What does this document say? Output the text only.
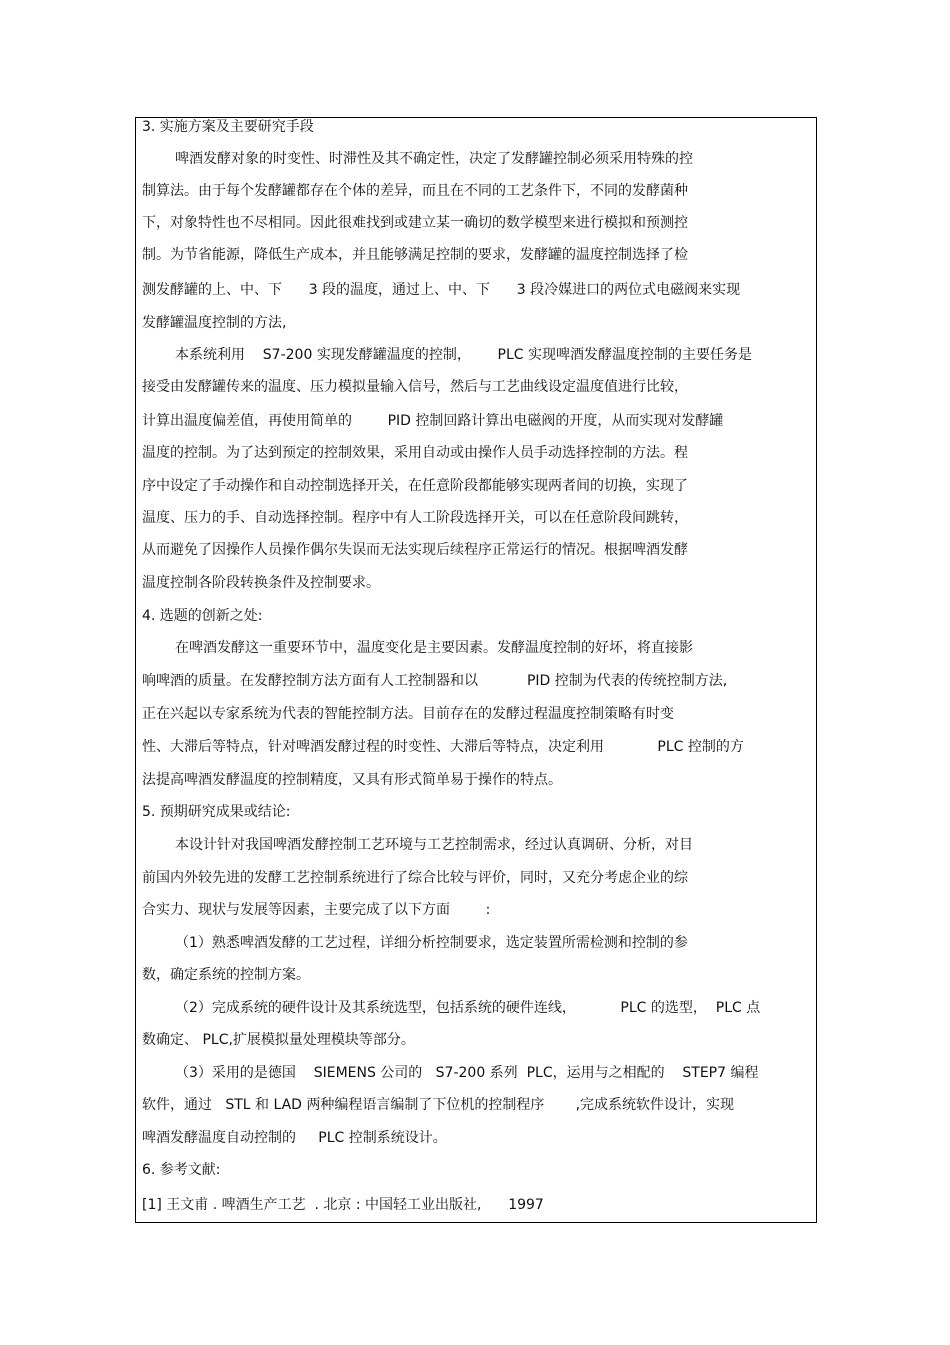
3. 实施方案及主要研究手段
啤酒发酵对象的时变性、时滞性及其不确定性，决定了发酵罐控制必须采用特殊的控
制算法。由于每个发酵罐都存在个体的差异，而且在不同的工艺条件下，不同的发酵菌种
下，对象特性也不尽相同。因此很难找到或建立某一确切的数学模型来进行模拟和预测控
制。为节省能源，降低生产成本，并且能够满足控制的要求，发酵罐的温度控制选择了检
测发酵罐的上、中、下      3 段的温度，通过上、中、下      3 段冷媒进口的两位式电磁阀来实现
发酵罐温度控制的方法,
本系统利用    S7-200 实现发酵罐温度的控制，      PLC 实现啤酒发酵温度控制的主要任务是
接受由发酵罐传来的温度、压力模拟量输入信号，然后与工艺曲线设定温度值进行比较，
计算出温度偏差值，再使用简单的        PID 控制回路计算出电磁阀的开度，从而实现对发酵罐
温度的控制。为了达到预定的控制效果，采用自动或由操作人员手动选择控制的方法。程
序中设定了手动操作和自动控制选择开关，在任意阶段都能够实现两者间的切换，实现了
温度、压力的手、自动选择控制。程序中有人工阶段选择开关，可以在任意阶段间跳转，
从而避免了因操作人员操作偶尔失误而无法实现后续程序正常运行的情况。根据啤酒发酵
温度控制各阶段转换条件及控制要求。
4. 选题的创新之处:
在啤酒发酵这一重要环节中，温度变化是主要因素。发酵温度控制的好坏，将直接影
响啤酒的质量。在发酵控制方法方面有人工控制器和以           PID 控制为代表的传统控制方法,
正在兴起以专家系统为代表的智能控制方法。目前存在的发酵过程温度控制策略有时变
性、大滞后等特点，针对啤酒发酵过程的时变性、大滞后等特点，决定利用            PLC 控制的方
法提高啤酒发酵温度的控制精度，又具有形式简单易于操作的特点。
5. 预期研究成果或结论:
本设计针对我国啤酒发酵控制工艺环境与工艺控制需求，经过认真调研、分析，对目
前国内外较先进的发酵工艺控制系统进行了综合比较与评价，同时，又充分考虑企业的综
合实力、现状与发展等因素，主要完成了以下方面        :
（1）熟悉啤酒发酵的工艺过程，详细分析控制要求，选定装置所需检测和控制的参
数，确定系统的控制方案。
（2）完成系统的硬件设计及其系统选型，包括系统的硬件连线，          PLC 的选型，  PLC 点
数确定、 PLC,扩展模拟量处理模块等部分。
（3）采用的是德国    SIEMENS 公司的   S7-200 系列  PLC，运用与之相配的    STEP7 编程
软件，通过   STL 和 LAD 两种编程语言编制了下位机的控制程序       ,完成系统软件设计，实现
啤酒发酵温度自动控制的     PLC 控制系统设计。
6. 参考文献:
[1] 王文甫 . 啤酒生产工艺  . 北京 : 中国轻工业出版社,      1997
